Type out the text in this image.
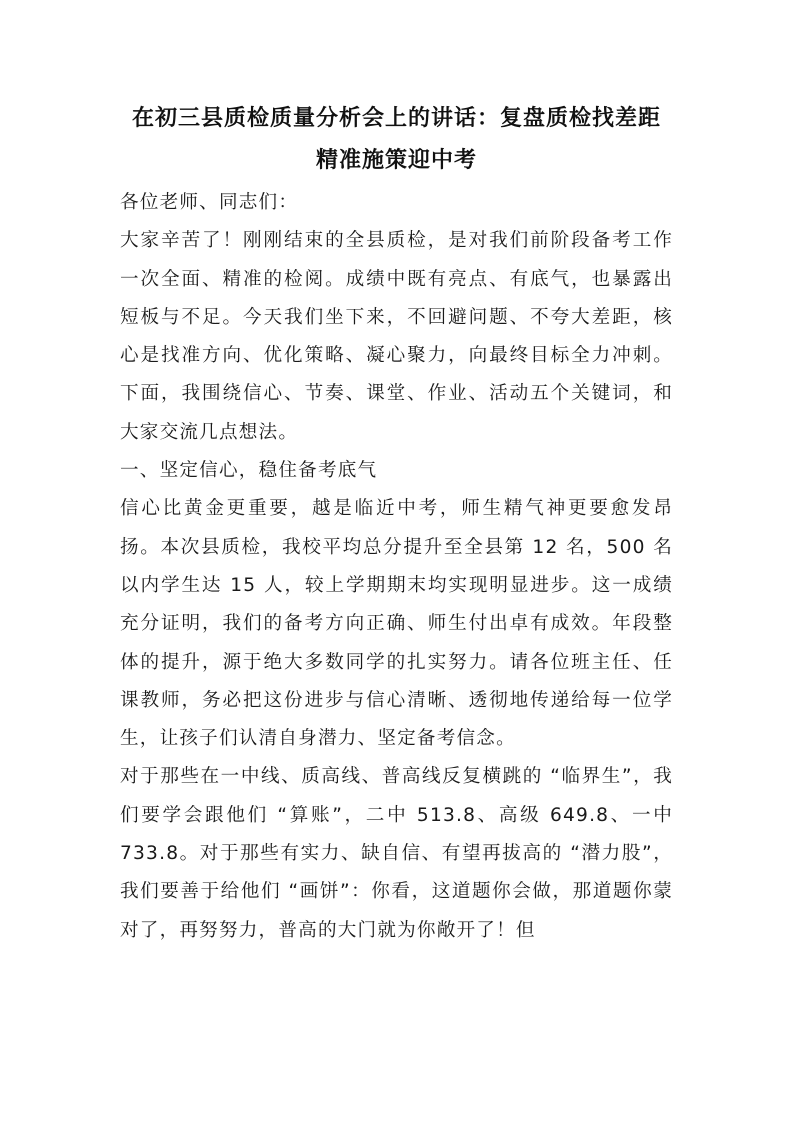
在初三县质检质量分析会上的讲话：复盘质检找差距
精准施策迎中考

各位老师、同志们：

大家辛苦了！刚刚结束的全县质检，是对我们前阶段备考工作一次全面、精准的检阅。成绩中既有亮点、有底气，也暴露出短板与不足。今天我们坐下来，不回避问题、不夸大差距，核心是找准方向、优化策略、凝心聚力，向最终目标全力冲刺。下面，我围绕信心、节奏、课堂、作业、活动五个关键词，和大家交流几点想法。

一、坚定信心，稳住备考底气

信心比黄金更重要，越是临近中考，师生精气神更要愈发昂扬。本次县质检，我校平均总分提升至全县第 12 名，500 名以内学生达 15 人，较上学期期末均实现明显进步。这一成绩充分证明，我们的备考方向正确、师生付出卓有成效。年段整体的提升，源于绝大多数同学的扎实努力。请各位班主任、任课教师，务必把这份进步与信心清晰、透彻地传递给每一位学生，让孩子们认清自身潜力、坚定备考信念。

对于那些在一中线、质高线、普高线反复横跳的 “临界生”，我们要学会跟他们 “算账”，二中 513.8、高级 649.8、一中 733.8。对于那些有实力、缺自信、有望再拔高的 “潜力股”，我们要善于给他们 “画饼”：你看，这道题你会做，那道题你蒙对了，再努努力，普高的大门就为你敞开了！但
